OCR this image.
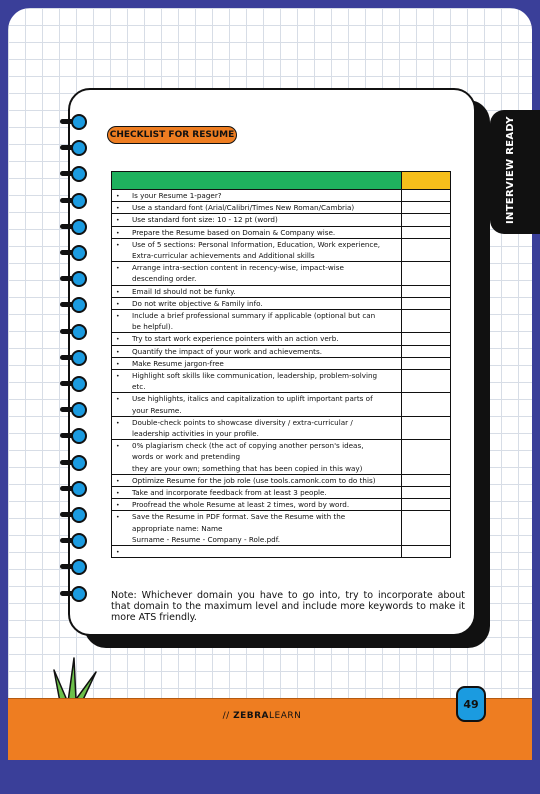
INTERVIEW READY
CHECKLIST FOR RESUME
• Is your Resume 1-pager?
• Use a standard font (Arial/Calibri/Times New Roman/Cambria)
• Use standard font size: 10 - 12 pt (word)
• Prepare the Resume based on Domain & Company wise.
• Use of 5 sections: Personal Information, Education, Work experience,
Extra-curricular achievements and Additional skills
• Arrange intra-section content in recency-wise, impact-wise
descending order.
• Email Id should not be funky.
• Do not write objective & Family info.
• Include a brief professional summary if applicable (optional but can
be helpful).
• Try to start work experience pointers with an action verb.
• Quantify the impact of your work and achievements.
• Make Resume jargon-free
• Highlight soft skills like communication, leadership, problem-solving
etc.
• Use highlights, italics and capitalization to uplift important parts of
your Resume.
• Double-check points to showcase diversity / extra-curricular /
leadership activities in your profile.
• 0% plagiarism check (the act of copying another person's ideas,
words or work and pretending
they are your own; something that has been copied in this way)
• Optimize Resume for the job role (use tools.camonk.com to do this)
• Take and incorporate feedback from at least 3 people.
• Proofread the whole Resume at least 2 times, word by word.
• Save the Resume in PDF format. Save the Resume with the
appropriate name: Name
Surname - Resume - Company - Role.pdf.
•
Note: Whichever domain you have to go into, try to incorporate about that domain to the maximum level and include more keywords to make it more ATS friendly.
// ZEBRALEARN
49
